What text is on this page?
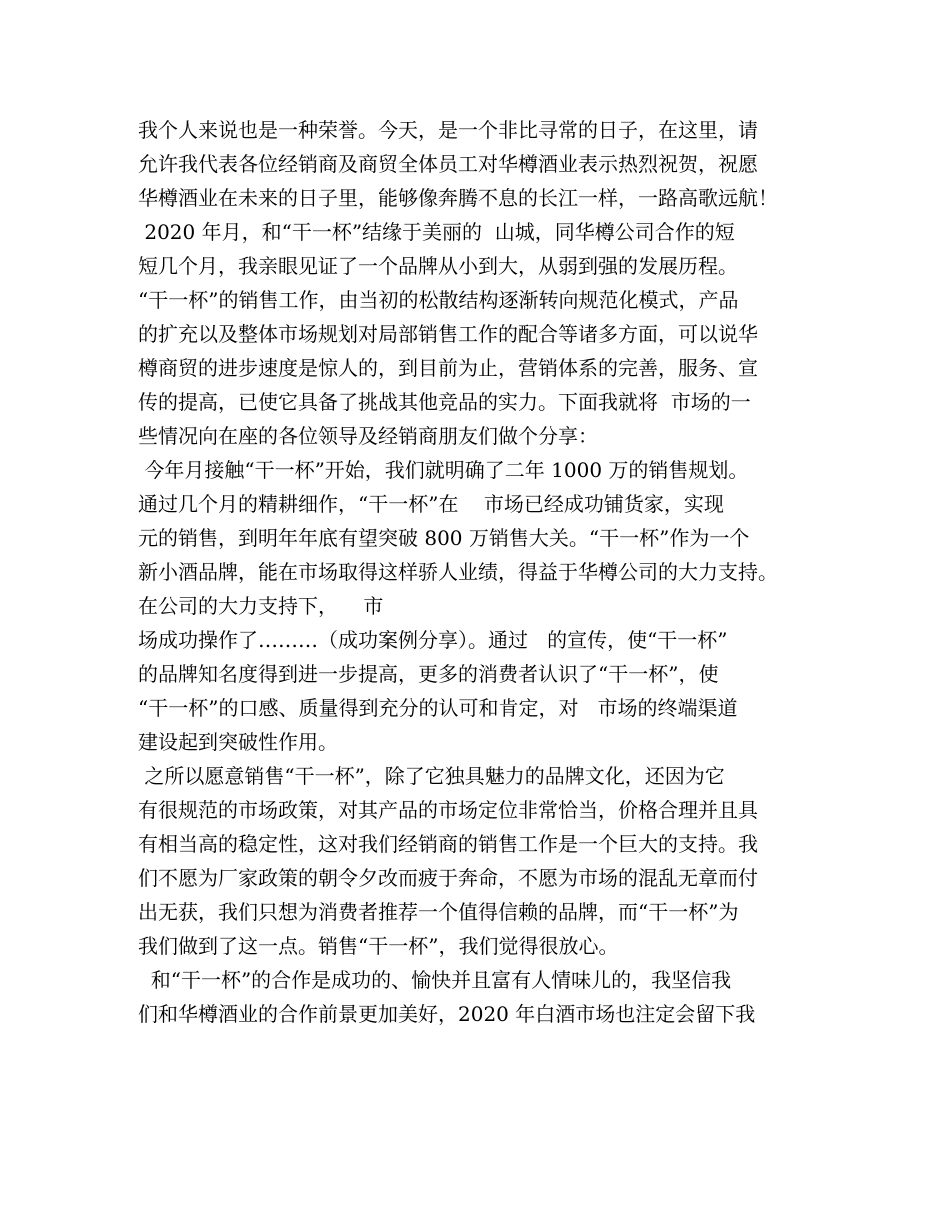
我个人来说也是一种荣誉。今天，是一个非比寻常的日子，在这里，请
允许我代表各位经销商及商贸全体员工对华樽酒业表示热烈祝贺，祝愿
华樽酒业在未来的日子里，能够像奔腾不息的长江一样，一路高歌远航！
2020 年月，和“干一杯”结缘于美丽的  山城，同华樽公司合作的短
短几个月，我亲眼见证了一个品牌从小到大，从弱到强的发展历程。
“干一杯”的销售工作，由当初的松散结构逐渐转向规范化模式，产品
的扩充以及整体市场规划对局部销售工作的配合等诸多方面，可以说华
樽商贸的进步速度是惊人的，到目前为止，营销体系的完善，服务、宣
传的提高，已使它具备了挑战其他竞品的实力。下面我就将  市场的一
些情况向在座的各位领导及经销商朋友们做个分享：
今年月接触“干一杯”开始，我们就明确了二年 1000 万的销售规划。
通过几个月的精耕细作，“干一杯”在    市场已经成功铺货家，实现
元的销售，到明年年底有望突破 800 万销售大关。“干一杯”作为一个
新小酒品牌，能在市场取得这样骄人业绩，得益于华樽公司的大力支持。
在公司的大力支持下，    市
场成功操作了………（成功案例分享）。通过   的宣传，使“干一杯”
的品牌知名度得到进一步提高，更多的消费者认识了“干一杯”，使
“干一杯”的口感、质量得到充分的认可和肯定，对   市场的终端渠道
建设起到突破性作用。
之所以愿意销售“干一杯”，除了它独具魅力的品牌文化，还因为它
有很规范的市场政策，对其产品的市场定位非常恰当，价格合理并且具
有相当高的稳定性，这对我们经销商的销售工作是一个巨大的支持。我
们不愿为厂家政策的朝令夕改而疲于奔命，不愿为市场的混乱无章而付
出无获，我们只想为消费者推荐一个值得信赖的品牌，而“干一杯”为
我们做到了这一点。销售“干一杯”，我们觉得很放心。
和“干一杯”的合作是成功的、愉快并且富有人情味儿的，我坚信我
们和华樽酒业的合作前景更加美好，2020 年白酒市场也注定会留下我
